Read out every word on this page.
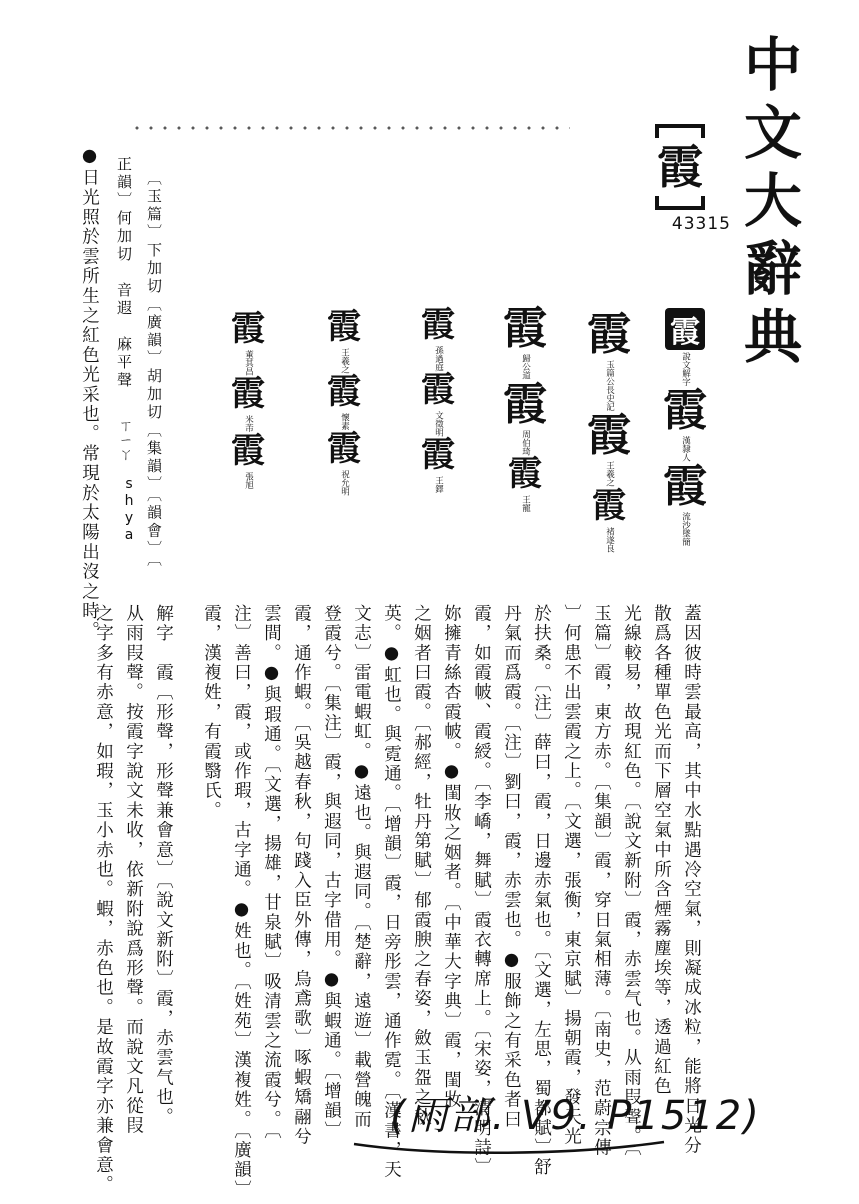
中文大辭典
霞
43315
霞
說文解字
霞
漢隸人
霞
流沙墜簡
霞
玉篇公長史記
霞
王羲之
霞
褚遂良
霞
歸公道
霞
周伯琦
霞
王寵
霞
孫過庭
霞
文徵明
霞
王鐸
霞
王羲之
霞
懷素
霞
祝允明
霞
董其昌
霞
米芾
霞
張旭
〔玉篇〕下加切〔廣韻〕胡加切〔集韻〕〔韻會〕〔
正韻〕何加切　音遐　麻平聲
ㄒㄧㄚ
shya
●日光照於雲所生之紅色光采也。常現於太陽出沒之時。
蓋因彼時雲最高，其中水點遇冷空氣，則凝成冰粒，能將日光分
散爲各種單色光而下層空氣中所含煙霧塵埃等，透過紅色
光線較易，故現紅色。〔說文新附〕霞，赤雲气也。从雨叚聲。〔
玉篇〕霞，東方赤。〔集韻〕霞，穿日氣相薄。〔南史，范蔚宗傳
〕何患不出雲霞之上。〔文選，張衡，東京賦〕揚朝霞，發天光
於扶桑。〔注〕薛曰，霞，日邊赤氣也。〔文選，左思，蜀都賦〕舒
丹氣而爲霞。〔注〕劉曰，霞，赤雲也。●服飾之有采色者曰
霞，如霞帔、霞綬。〔李嶠，舞賦〕霞衣轉席上。〔宋姿，清明詩〕
妳擁青絲杏霞帔。●閨妝之姻者。〔中華大字典〕霞，閨妝
之姻者曰霞。〔郝經，牡丹第賦〕郁霞腴之春姿，斂玉盌之秋
英。●虹也。與霓通。〔增韻〕霞，日旁彤雲，通作霓。〔漢書，天
文志〕雷電蝦虹。●遠也。與遐同。〔楚辭，遠遊〕載營魄而
登霞兮。〔集注〕霞，與遐同，古字借用。●與蝦通。〔增韻〕
霞，通作蝦。〔吳越春秋，句踐入臣外傳，烏鳶歌〕啄蝦矯翮兮
雲間。●與瑕通。〔文選，揚雄，甘泉賦〕吸清雲之流霞兮。〔
注〕善曰，霞，或作瑕，古字通。●姓也。〔姓苑〕漢複姓。〔廣韻〕
霞，漢複姓，有霞翳氏。
解字　霞〔形聲，形聲兼會意〕〔說文新附〕霞，赤雲气也。
从雨叚聲。按霞字說文未收，依新附說爲形聲。而說文凡從叚
之字多有赤意，如瑕，玉小赤也。蝦，赤色也。是故霞字亦兼會意。	(雨部. V9. P1512)
